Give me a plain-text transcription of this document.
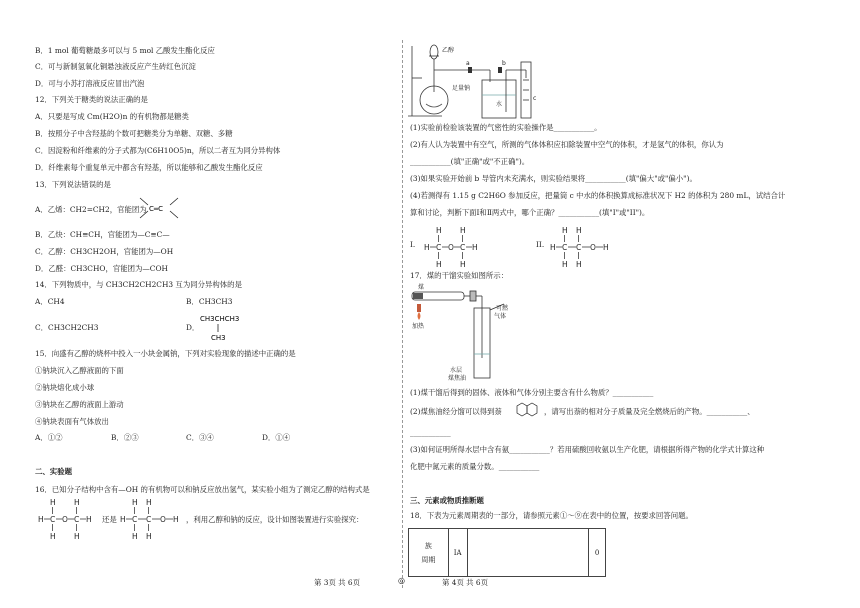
B．1 mol 葡萄糖最多可以与 5 mol 乙酸发生酯化反应
C．可与新制氢氧化铜悬浊液反应产生砖红色沉淀
D．可与小苏打溶液反应冒出汽泡
12．下列关于糖类的说法正确的是
A．只要是写成 Cm(H2O)n 的有机物都是糖类
B．按照分子中含羟基的个数可把糖类分为单糖、双糖、多糖
C．因淀粉和纤维素的分子式都为(C6H10O5)n，所以二者互为同分异构体
D．纤维素每个重复单元中都含有羟基，所以能够和乙酸发生酯化反应
13．下列说法错误的是
A．乙烯：CH2=CH2，官能团为 C═C
B．乙炔：CH≡CH，官能团为—C≡C—
C．乙醇：CH3CH2OH，官能团为—OH
D．乙醛：CH3CHO，官能团为—COH
14．下列物质中，与 CH3CH2CH2CH3 互为同分异构体的是
A．CH4	B．CH3CH3
C．CH3CH2CH3	D．
CH3CHCH3
CH3
15．向盛有乙醇的烧杯中投入一小块金属钠，下列对实验现象的描述中正确的是
①钠块沉入乙醇液面的下面
②钠块熔化成小球
③钠块在乙醇的液面上游动
④钠块表面有气体放出
A．①②	B．②③	C．③④	D．①④
二、实验题
16．已知分子结构中含有—OH 的有机物可以和钠反应放出氢气，某实验小组为了测定乙醇的结构式是
H H
H C O C H
H H
还是
H H
H C C O H
H H
，利用乙醇和钠的反应，设计如图装置进行实验探究：
乙醇
a	b
足量钠
水
c
(1)实验前检验该装置的气密性的实验操作是___________。
(2)有人认为装置中有空气，所测的气体体积应扣除装置中空气的体积，才是氢气的体积，你认为
___________(填"正确"或"不正确")。
(3)如果实验开始前 b 导管内未充满水，则实验结果将___________(填"偏大"或"偏小")。
(4)若测得有 1.15 g C2H6O 参加反应，把量筒 c 中水的体积换算成标准状况下 H2 的体积为 280 mL，试结合计
算和讨论，判断下面Ⅰ和Ⅱ两式中，哪个正确？___________(填"I"或"II")。
I.
H H
H C O C H
H H
II.
H H
H C C O H
H H
17．煤的干馏实验如图所示：
煤
加热
可燃
气体
水层
煤焦油
(1)煤干馏后得到的固体、液体和气体分别主要含有什么物质？___________
(2)煤焦油经分馏可以得到萘	，请写出萘的相对分子质量及完全燃烧后的产物。___________、
___________
(3)如何证明所得水层中含有氨___________？若用硫酸回收氨以生产化肥，请根据所得产物的化学式计算这种
化肥中氮元素的质量分数。___________
三、元素或物质推断题
18．下表为元素周期表的一部分，请参照元素①～⑨在表中的位置，按要求回答问题。
族
周期
	IA		0
第 3页 共 6页	◎	第 4页 共 6页
